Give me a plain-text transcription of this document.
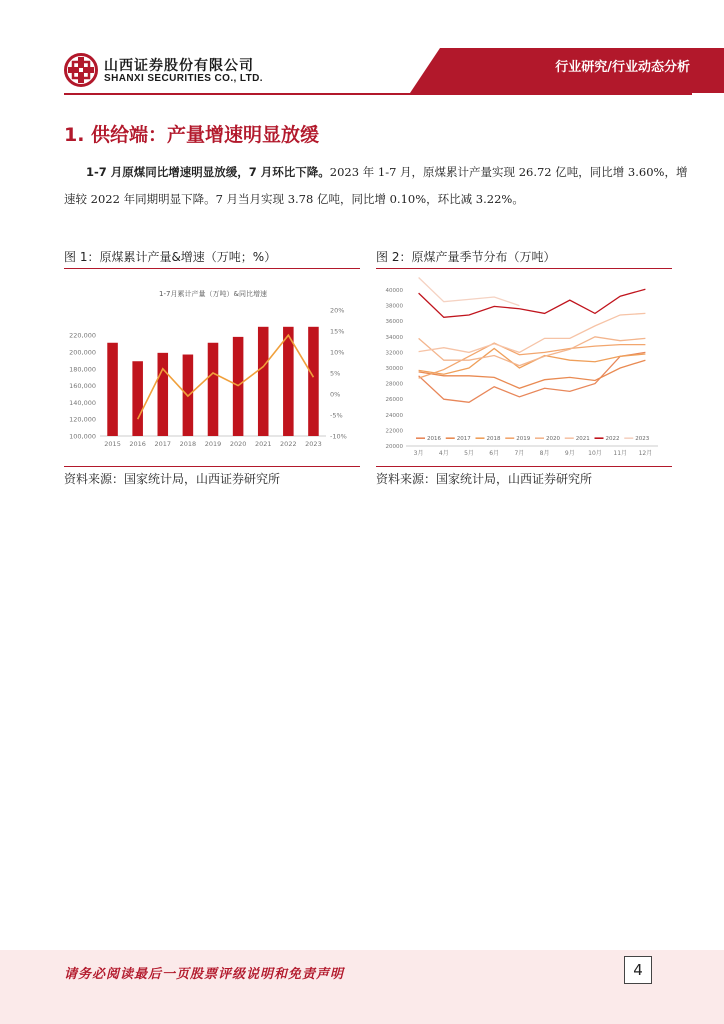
山西证券股份有限公司
SHANXI SECURITIES CO., LTD.
行业研究/行业动态分析
1. 供给端：产量增速明显放缓
1-7 月原煤同比增速明显放缓，7 月环比下降。2023 年 1-7 月，原煤累计产量实现 26.72 亿吨，同比增 3.60%，增速较 2022 年同期明显下降。7 月当月实现 3.78 亿吨，同比增 0.10%，环比减 3.22%。
图 1：原煤累计产量&增速（万吨；%）
1-7月累计产量（万吨）&同比增速
100,000
120,000
140,000
160,000
180,000
200,000
220,000
-10%
-5%
0%
5%
10%
15%
20%
2015 2016 2017 2018 2019 2020 2021 2022 2023
资料来源：国家统计局，山西证券研究所
图 2：原煤产量季节分布（万吨）
20000
22000
24000
26000
28000
30000
32000
34000
36000
38000
40000
3月	4月	5月	6月	7月	8月	9月 10月 11月 12月
2016	2017	2018	2019	2020	2021	2022	2023
资料来源：国家统计局，山西证券研究所
请务必阅读最后一页股票评级说明和免责声明	4
